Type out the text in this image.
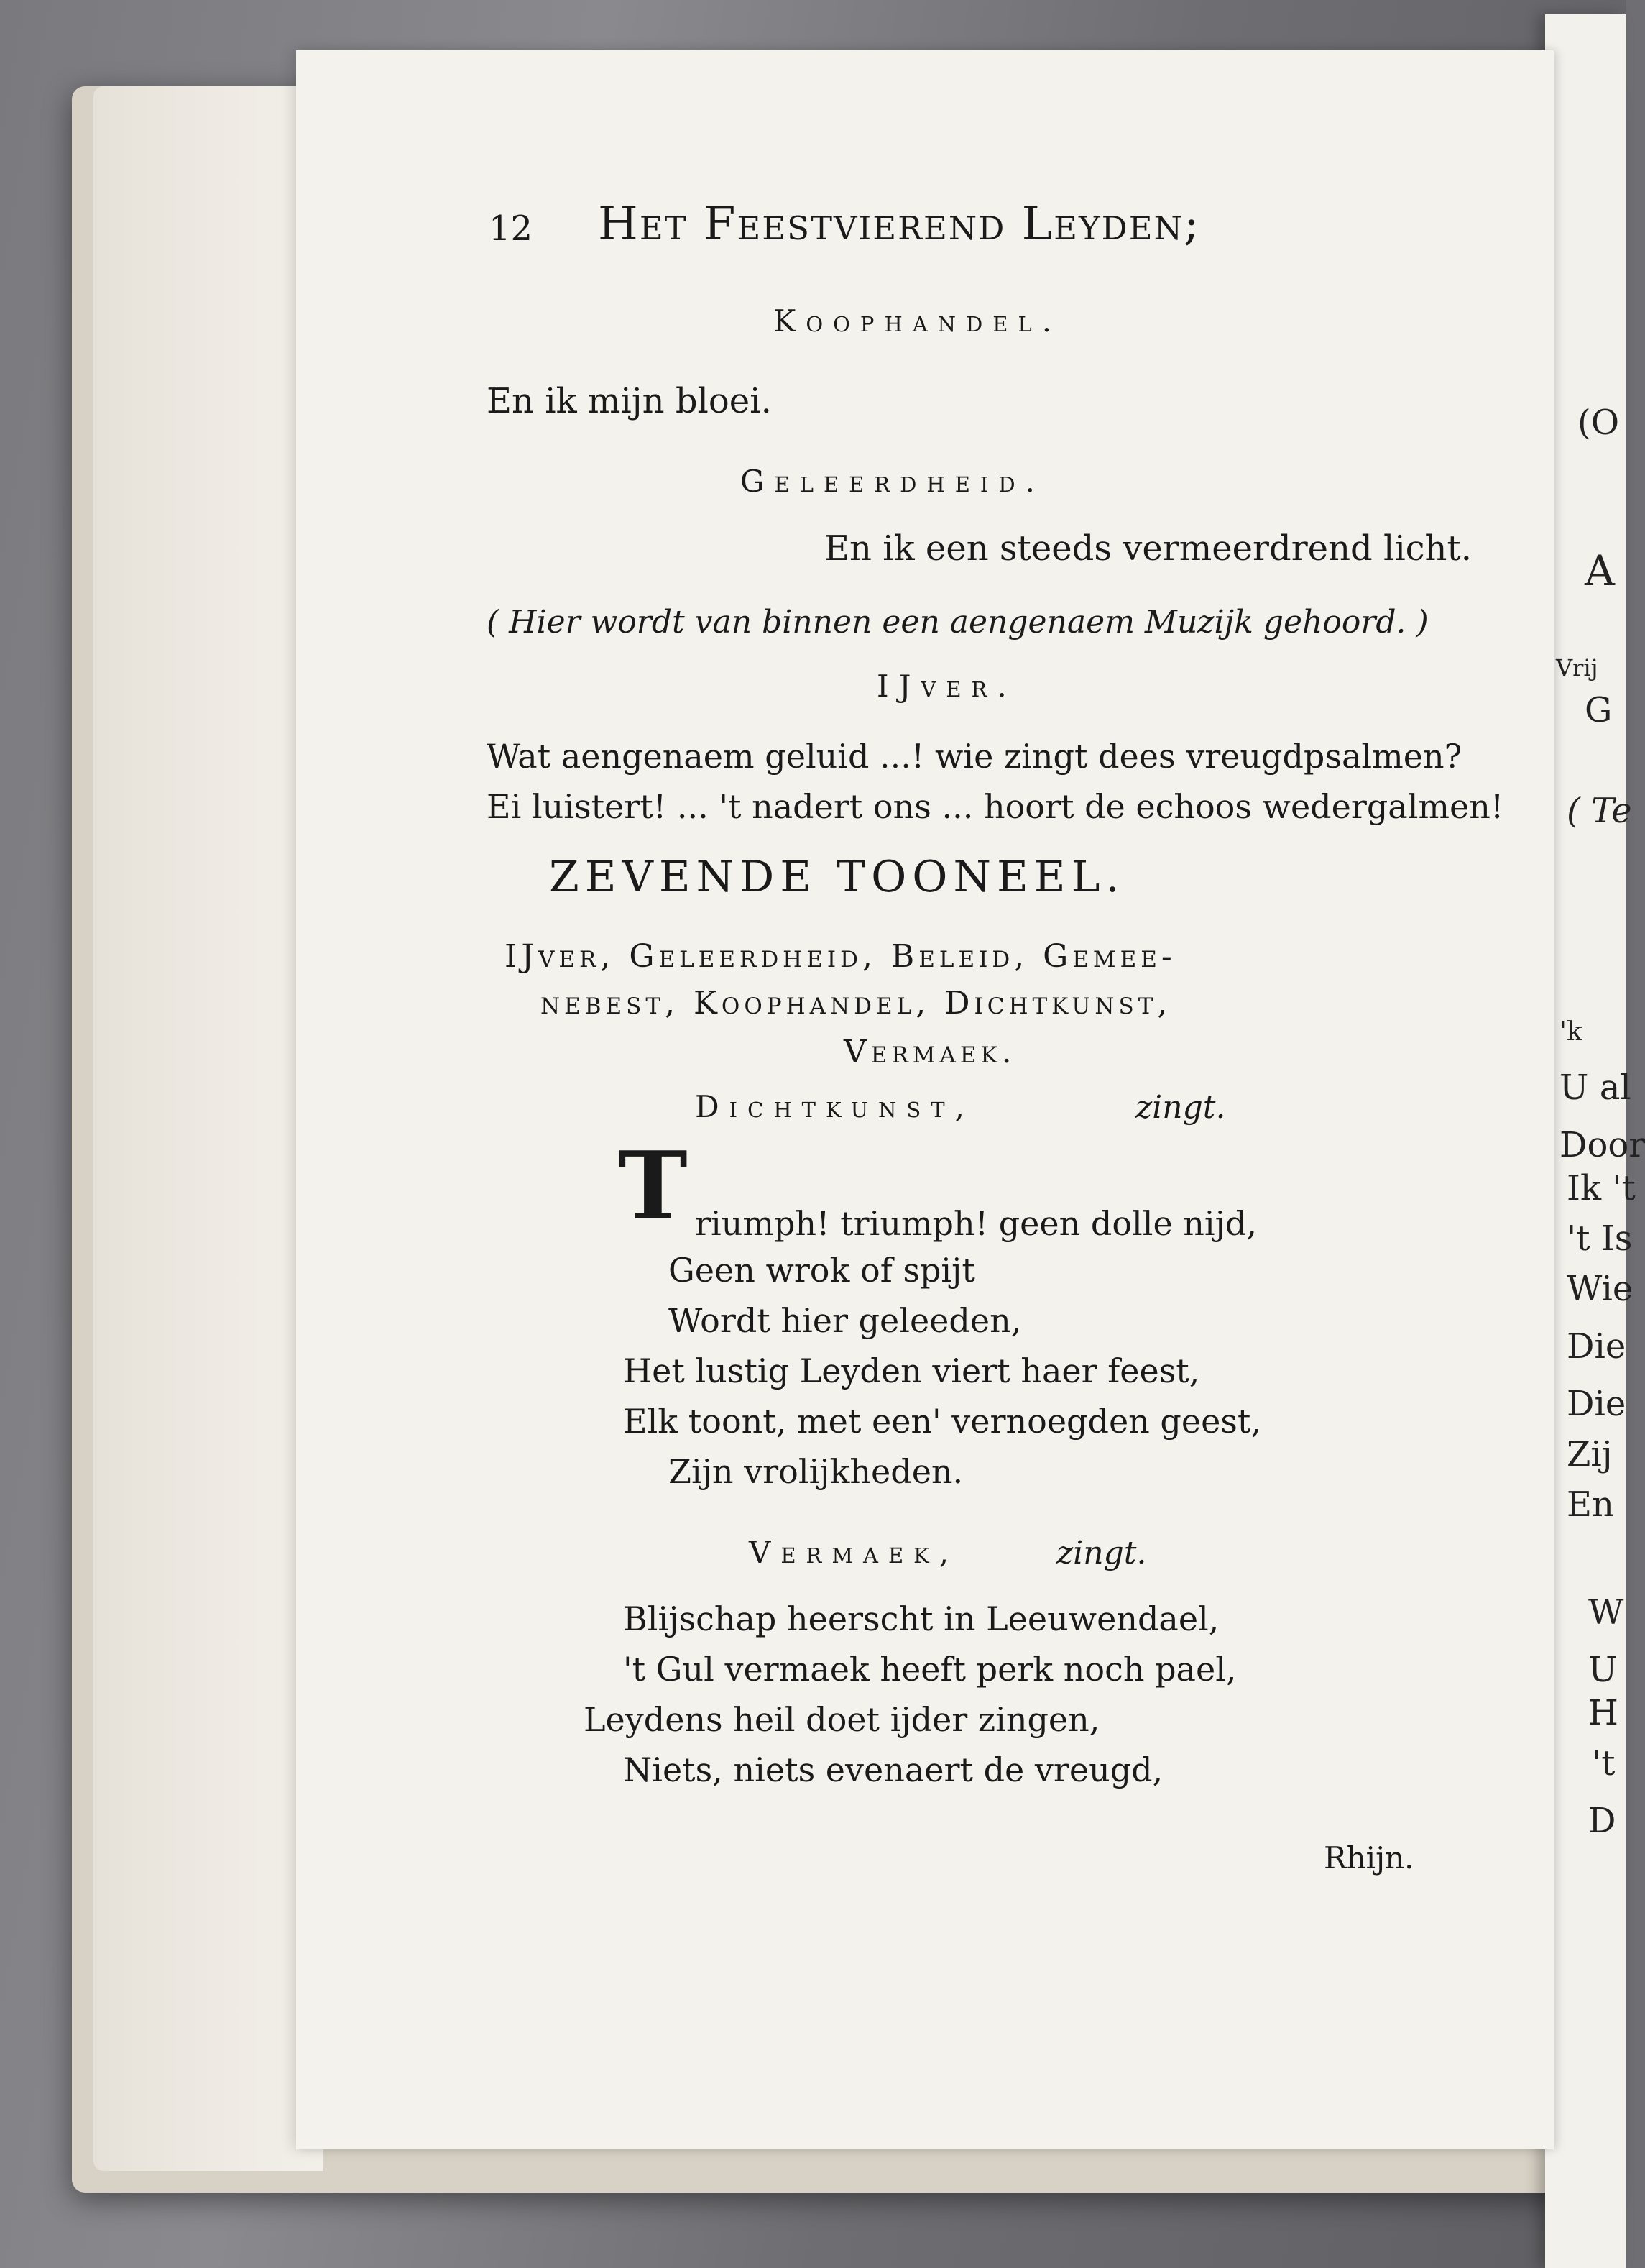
(O
A
Vrij
G
( Te
'k
U al
Door
Ik 't
't Is
Wie
Die
Die
Zij
En
W
U
H
't
D
12 Het Feestvierend Leyden;
Koophandel.
En ik mijn bloei.
Geleerdheid.
En ik een steeds vermeerdrend licht.
( Hier wordt van binnen een aengenaem Muzijk gehoord. )
IJver.
Wat aengenaem geluid ...! wie zingt dees vreugdpsalmen?
Ei luistert! ... 't nadert ons ... hoort de echoos wedergalmen!
ZEVENDE TOONEEL.
IJver, Geleerdheid, Beleid, Gemee-
nebest, Koophandel, Dichtkunst,
Vermaek.
Dichtkunst,	zingt.
T riumph! triumph! geen dolle nijd,
Geen wrok of spijt
Wordt hier geleeden,
Het lustig Leyden viert haer feest,
Elk toont, met een' vernoegden geest,
Zijn vrolijkheden.
Vermaek,	zingt.
Blijschap heerscht in Leeuwendael,
't Gul vermaek heeft perk noch pael,
Leydens heil doet ijder zingen,
Niets, niets evenaert de vreugd,
Rhijn.
